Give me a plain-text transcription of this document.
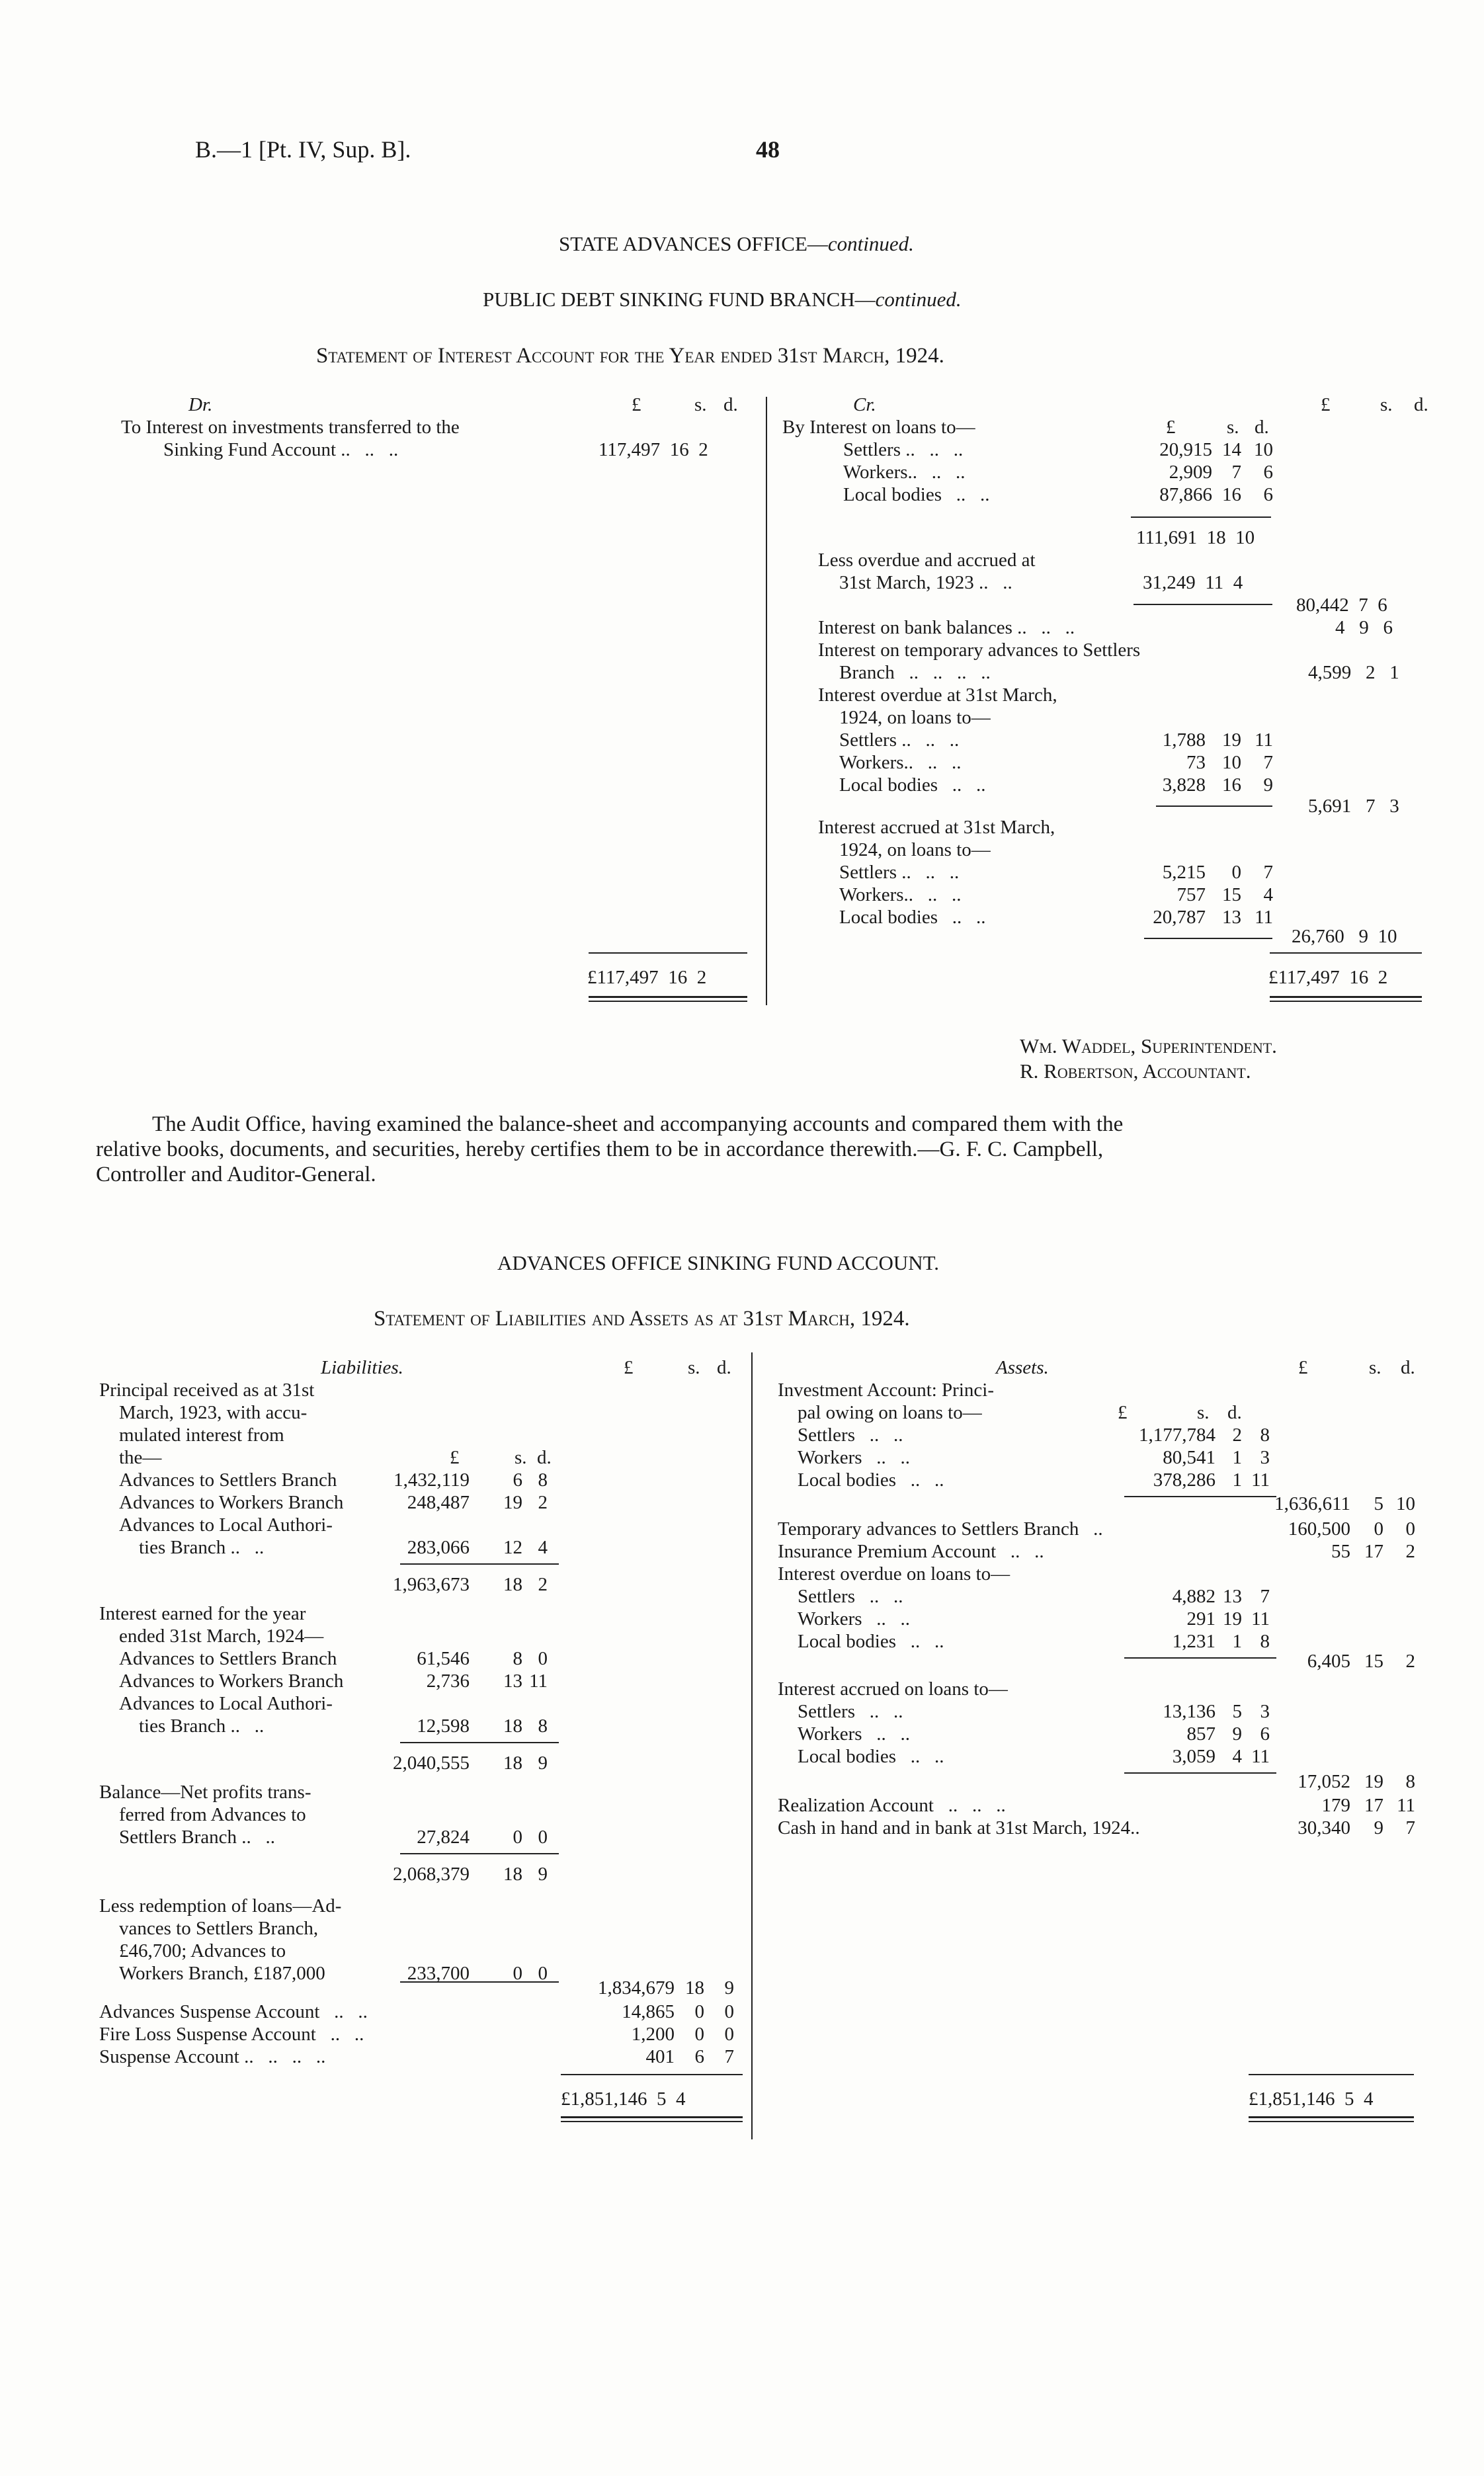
B.—1 [Pt. IV, Sup. B].	48
STATE ADVANCES OFFICE—continued.
PUBLIC DEBT SINKING FUND BRANCH—continued.
Statement of Interest Account for the Year ended 31st March, 1924.
Dr.	£	s. d.
To Interest on investments transferred to the
Sinking Fund Account ..   ..   ..	117,497 16 2
£117,497 16 2
Cr.	£	s. d.
By Interest on loans to—	£	s. d.
Settlers ..   ..   ..	20,915 14 10
Workers..   ..   ..	2,909	7	6
Local bodies   ..   ..	87,866 16	6
111,691 18 10
Less overdue and accrued at
31st March, 1923 ..   ..	31,249 11 4
80,442 7 6
Interest on bank balances ..   ..   ..	4 9 6
Interest on temporary advances to Settlers
Branch   ..   ..   ..   ..	4,599 2 1
Interest overdue at 31st March,
1924, on loans to—
Settlers ..   ..   ..	1,788 19 11
Workers..   ..   ..	73 10	7
Local bodies   ..   ..	3,828 16	9
5,691 7 3
Interest accrued at 31st March,
1924, on loans to—
Settlers ..   ..   ..	5,215	0	7
Workers..   ..   ..	757 15	4
Local bodies   ..   ..	20,787 13 11
26,760 9 10
£117,497 16 2
Wm. Waddel, Superintendent.
R. Robertson, Accountant.
The Audit Office, having examined the balance-sheet and accompanying accounts and compared them with the
relative books, documents, and securities, hereby certifies them to be in accordance therewith.—G. F. C. Campbell,
Controller and Auditor-General.
ADVANCES OFFICE SINKING FUND ACCOUNT.
Statement of Liabilities and Assets as at 31st March, 1924.
Liabilities.	£	s. d.
Principal received as at 31st
March, 1923, with accu-
mulated interest from
the—	£	s. d.
Advances to Settlers Branch	1,432,119	6 8
Advances to Workers Branch	248,487	19 2
Advances to Local Authori-
ties Branch ..   ..	283,066	12 4
1,963,673	18 2
Interest earned for the year
ended 31st March, 1924—
Advances to Settlers Branch	61,546	8 0
Advances to Workers Branch	2,736	13 11
Advances to Local Authori-
ties Branch ..   ..	12,598	18 8
2,040,555	18 9
Balance—Net profits trans-
ferred from Advances to
Settlers Branch ..   ..	27,824	0 0
2,068,379	18 9
Less redemption of loans—Ad-
vances to Settlers Branch,
£46,700; Advances to
Workers Branch, £187,000	233,700	0 0
1,834,679 18	9
Advances Suspense Account   ..   ..	14,865	0	0
Fire Loss Suspense Account   ..   ..	1,200	0	0
Suspense Account ..   ..   ..   ..	401	6	7
£1,851,146  5  4
Assets.	£	s. d.
Investment Account: Princi-
pal owing on loans to—	£	s. d.
Settlers   ..   ..	1,177,784 2 8
Workers   ..   ..	80,541 1 3
Local bodies   ..   ..	378,286 1 11
1,636,611	5 10
Temporary advances to Settlers Branch   ..	160,500	0	0
Insurance Premium Account   ..   ..	55 17	2
Interest overdue on loans to—
Settlers   ..   ..	4,882 13 7
Workers   ..   ..	291 19 11
Local bodies   ..   ..	1,231 1 8
6,405 15	2
Interest accrued on loans to—
Settlers   ..   ..	13,136 5 3
Workers   ..   ..	857 9 6
Local bodies   ..   ..	3,059 4 11
17,052 19	8
Realization Account   ..   ..   ..	179 17 11
Cash in hand and in bank at 31st March, 1924..	30,340	9	7
£1,851,146  5  4
